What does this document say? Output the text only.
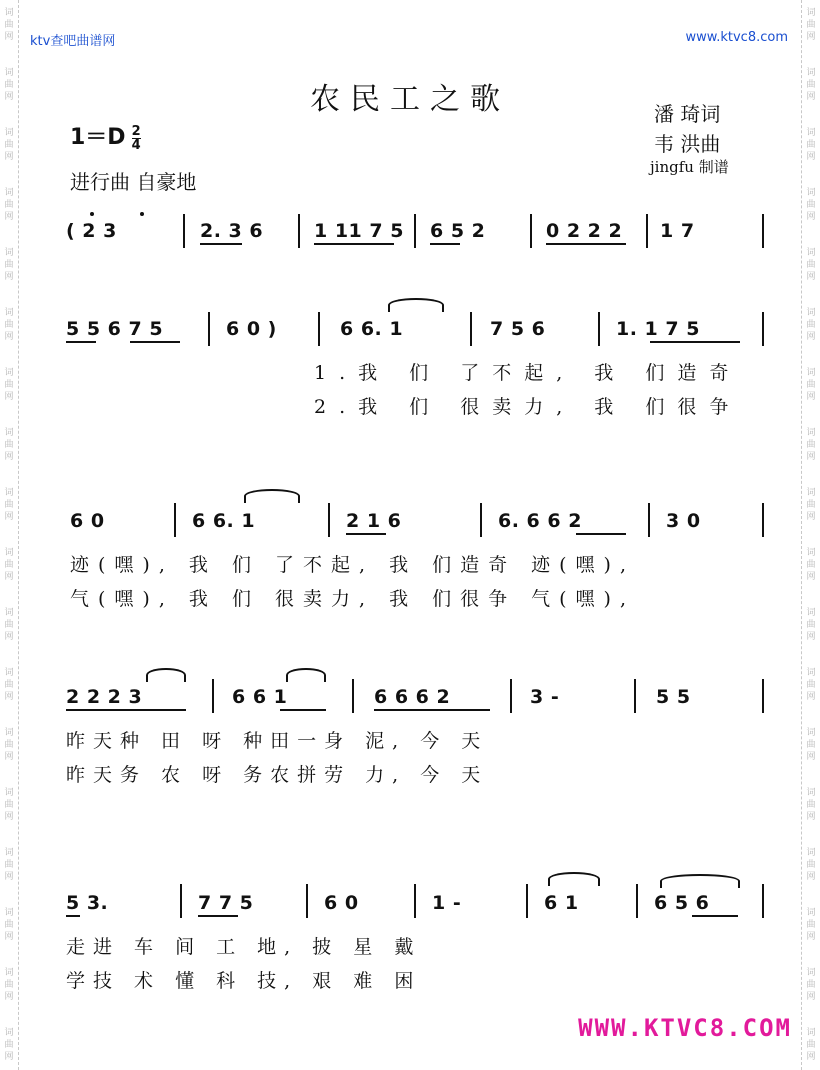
ktv查吧曲谱网	www.ktvc8.com
农民工之歌	潘 琦词
韦 洪曲
jingfu 制谱
$1=D \frac{2}{4}$
进行曲 自豪地
( 2 3	2. 3 6	1 11 7 5 6 5 2	0 2 2 2 1 7
5 5 6 7 5	6 0 )	6 6. 1	7 5 6	1. 1 7 5
1.我 们 了不起, 我 们造奇
2.我 们 很卖力, 我 们很争
6 0	6 6. 1	2 1 6	6. 6 6 2	3 0
迹(嘿), 我 们 了不起, 我 们造奇 迹(嘿),
气(嘿), 我 们 很卖力, 我 们很争 气(嘿),
2 2 2 3	6 6 1	6 6 6 2	3 -	5 5
昨天种 田 呀 种田一身 泥, 今 天
昨天务 农 呀 务农拼劳 力, 今 天
5 3.	7 7 5	6 0	1 -	6 1	6 5 6
走进 车 间 工 地, 披 星 戴
学技 术 懂 科 技, 艰 难 困
WWW.KTVC8.COM
词
曲
网
词
曲
网
词
曲
网
词
曲
网
词
曲
网
词
曲
网
词
曲
网
词
曲
网
词
曲
网
词
曲
网
词
曲
网
词
曲
网
词
曲
网
词
曲
网
词
曲
网
词
曲
网
词
曲
网
词
曲
网
词
曲
网
词
曲
网
词
曲
网
词
曲
网
词
曲
网
词
曲
网
词
曲
网
词
曲
网
词
曲
网
词
曲
网
词
曲
网
词
曲
网
词
曲
网
词
曲
网
词
曲
网
词
曲
网
词
曲
网
词
曲
网
